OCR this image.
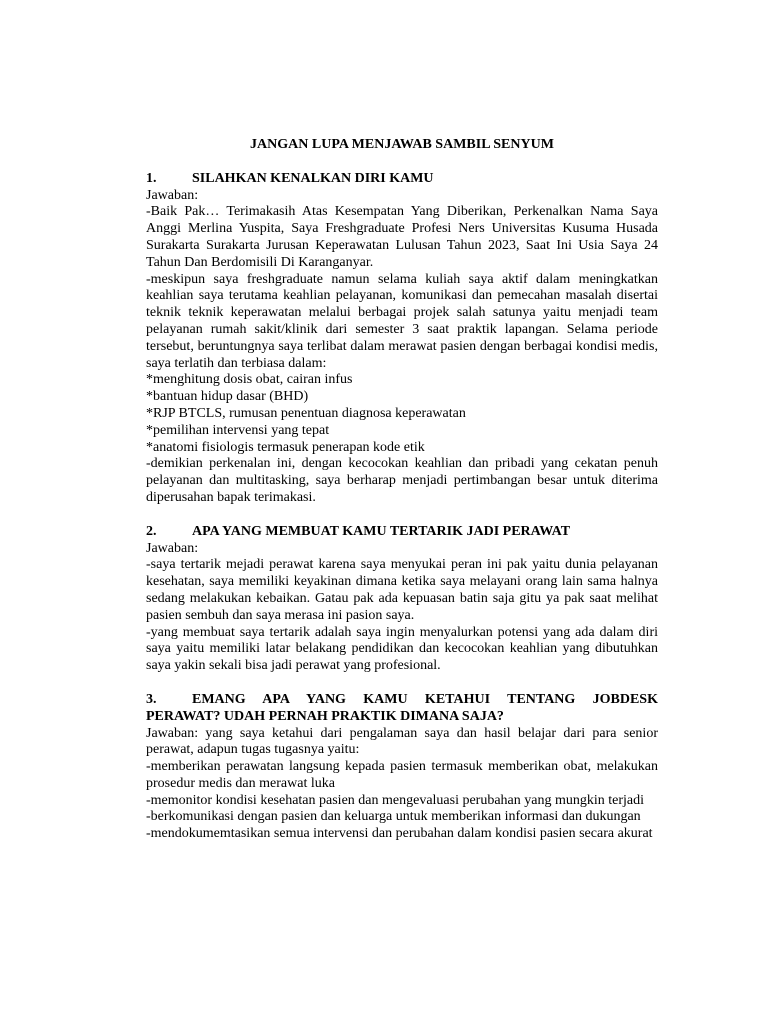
JANGAN LUPA MENJAWAB SAMBIL SENYUM
1.	SILAHKAN KENALKAN DIRI KAMU

Jawaban:

-Baik Pak… Terimakasih Atas Kesempatan Yang Diberikan, Perkenalkan Nama Saya Anggi Merlina Yuspita, Saya Freshgraduate Profesi Ners Universitas Kusuma Husada Surakarta Surakarta Jurusan Keperawatan Lulusan Tahun 2023, Saat Ini Usia Saya 24 Tahun Dan Berdomisili Di Karanganyar.

-meskipun saya freshgraduate namun selama kuliah saya aktif dalam meningkatkan keahlian saya terutama keahlian pelayanan, komunikasi dan pemecahan masalah disertai teknik teknik keperawatan melalui berbagai projek salah satunya yaitu menjadi team pelayanan rumah sakit/klinik dari semester 3 saat praktik lapangan. Selama periode tersebut, beruntungnya saya terlibat dalam merawat pasien dengan berbagai kondisi medis, saya terlatih dan terbiasa dalam:

*menghitung dosis obat, cairan infus

*bantuan hidup dasar (BHD)

*RJP BTCLS, rumusan penentuan diagnosa keperawatan

*pemilihan intervensi yang tepat

*anatomi fisiologis termasuk penerapan kode etik

-demikian perkenalan ini, dengan kecocokan keahlian dan pribadi yang cekatan penuh pelayanan dan multitasking, saya berharap menjadi pertimbangan besar untuk diterima diperusahan bapak terimakasi.

2.	APA YANG MEMBUAT KAMU TERTARIK JADI PERAWAT

Jawaban:

-saya tertarik mejadi perawat karena saya menyukai peran ini pak yaitu dunia pelayanan kesehatan, saya memiliki keyakinan dimana ketika saya melayani orang lain sama halnya sedang melakukan kebaikan. Gatau pak ada kepuasan batin saja gitu ya pak saat melihat pasien sembuh dan saya merasa ini pasion saya.

-yang membuat saya tertarik adalah saya ingin menyalurkan potensi yang ada dalam diri saya yaitu memiliki latar belakang pendidikan dan kecocokan keahlian yang dibutuhkan saya yakin sekali bisa jadi perawat yang profesional.

3.	EMANG APA YANG KAMU KETAHUI TENTANG JOBDESK
PERAWAT? UDAH PERNAH PRAKTIK DIMANA SAJA?

Jawaban: yang saya ketahui dari pengalaman saya dan hasil belajar dari para senior perawat, adapun tugas tugasnya yaitu:

-memberikan perawatan langsung kepada pasien termasuk memberikan obat, melakukan prosedur medis dan merawat luka

-memonitor kondisi kesehatan pasien dan mengevaluasi perubahan yang mungkin terjadi

-berkomunikasi dengan pasien dan keluarga untuk memberikan informasi dan dukungan

-mendokumemtasikan semua intervensi dan perubahan dalam kondisi pasien secara akurat
